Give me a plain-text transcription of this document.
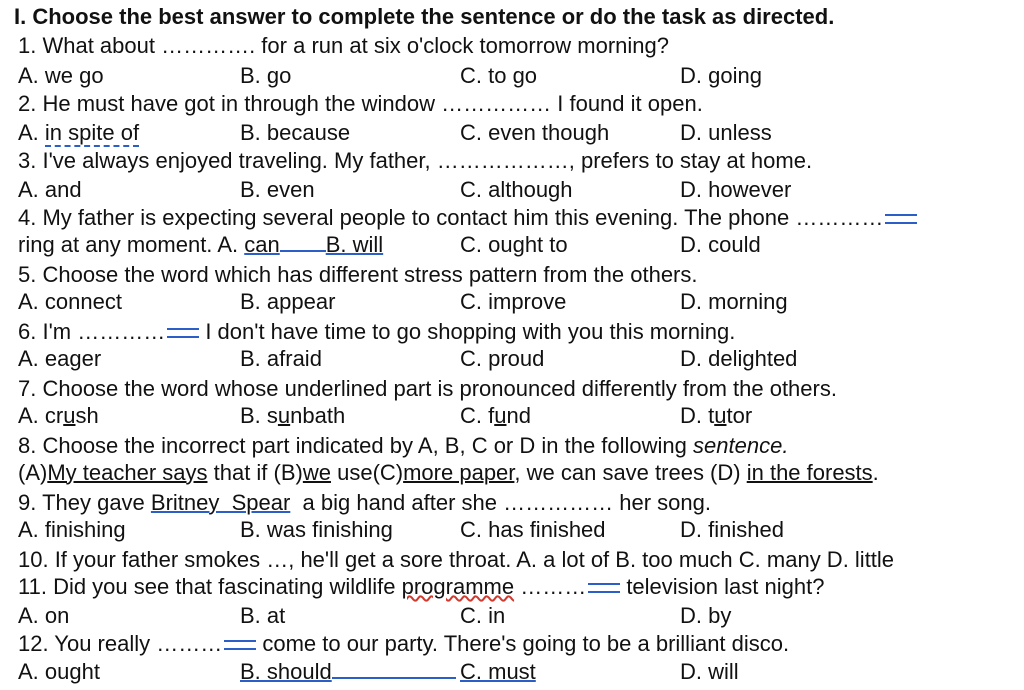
I. Choose the best answer to complete the sentence or do the task as directed.
1. What about …………. for a run at six o'clock tomorrow morning?
A. we go	B. go	C. to go	D. going
2. He must have got in through the window …………… I found it open.
A. in spite of	B. because	C. even though	D. unless
3. I've always enjoyed traveling. My father, ………………, prefers to stay at home.
A. and	B. even	C. although	D. however
4. My father is expecting several people to contact him this evening. The phone …………
ring at any moment. A. can B. will	C. ought to	D. could
5. Choose the word which has different stress pattern from the others.
A. connect	B. appear	C. improve	D. morning
6. I'm ………… I don't have time to go shopping with you this morning.
A. eager	B. afraid	C. proud	D. delighted
7. Choose the word whose underlined part is pronounced differently from the others.
A. crush	B. sunbath	C. fund	D. tutor
8. Choose the incorrect part indicated by A, B, C or D in the following sentence.
(A)My teacher says that if (B)we use(C)more paper, we can save trees (D) in the forests.
9. They gave Britney  Spear  a big hand after she …………… her song.
A. finishing	B. was finishing	C. has finished	D. finished
10. If your father smokes …, he'll get a sore throat. A. a lot of B. too much C. many D. little
11. Did you see that fascinating wildlife programme ……… television last night?
A. on	B. at	C. in	D. by
12. You really ……… come to our party. There's going to be a brilliant disco.
A. ought	B. should	C. must	D. will
